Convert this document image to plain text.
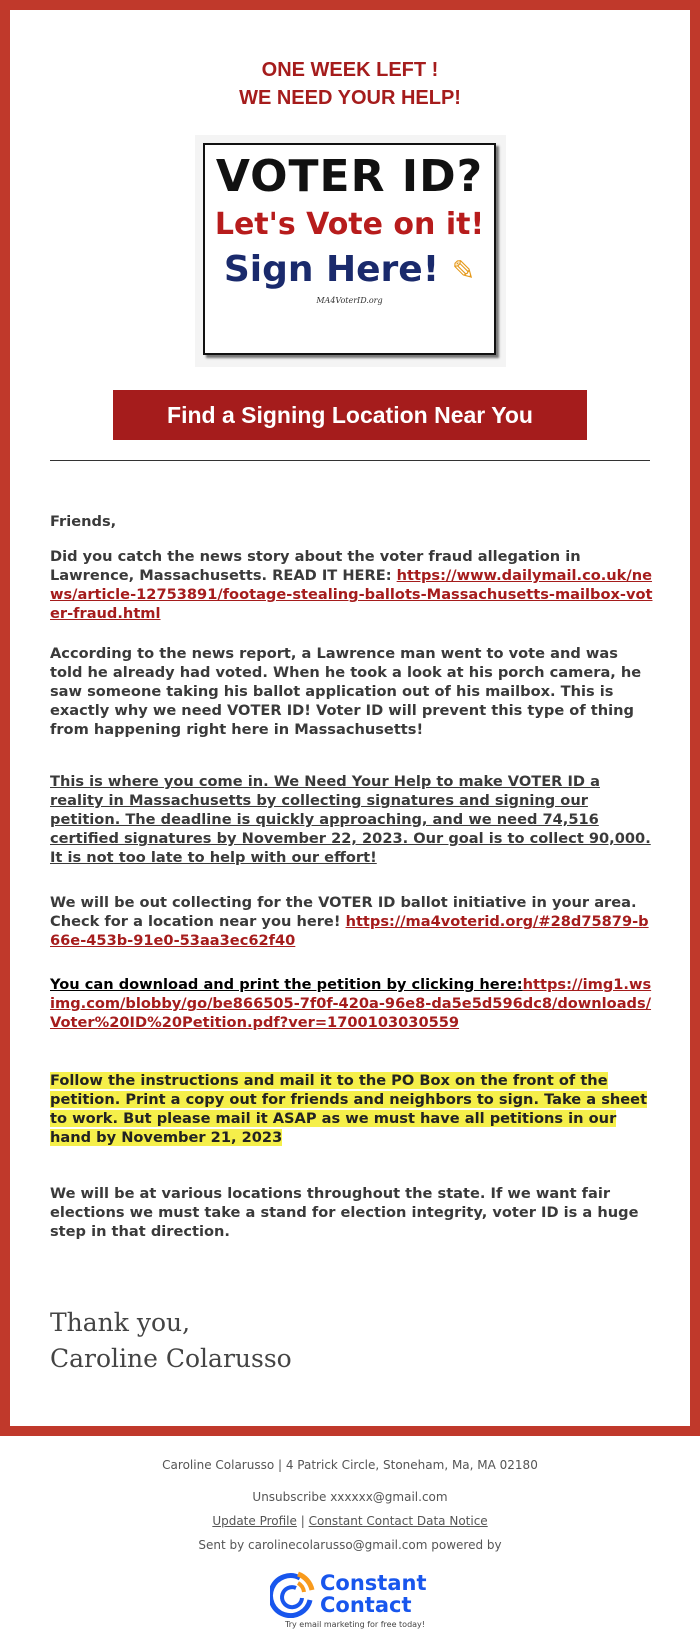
ONE WEEK LEFT !
WE NEED YOUR HELP!
VOTER ID?
Let's Vote on it!
Sign Here! ✎
MA4VoterID.org
Find a Signing Location Near You
Friends,
Did you catch the news story about the voter fraud allegation in Lawrence, Massachusetts. READ IT HERE: https://www.dailymail.co.uk/news/article-12753891/footage-stealing-ballots-Massachusetts-mailbox-voter-fraud.html
According to the news report, a Lawrence man went to vote and was told he already had voted. When he took a look at his porch camera, he saw someone taking his ballot application out of his mailbox. This is exactly why we need VOTER ID! Voter ID will prevent this type of thing from happening right here in Massachusetts!
This is where you come in. We Need Your Help to make VOTER ID a reality in Massachusetts by collecting signatures and signing our petition. The deadline is quickly approaching, and we need 74,516 certified signatures by November 22, 2023. Our goal is to collect 90,000. It is not too late to help with our effort!
We will be out collecting for the VOTER ID ballot initiative in your area. Check for a location near you here! https://ma4voterid.org/#28d75879-b66e-453b-91e0-53aa3ec62f40
You can download and print the petition by clicking here:https://img1.wsimg.com/blobby/go/be866505-7f0f-420a-96e8-da5e5d596dc8/downloads/Voter%20ID%20Petition.pdf?ver=1700103030559
Follow the instructions and mail it to the PO Box on the front of the petition. Print a copy out for friends and neighbors to sign. Take a sheet to work. But please mail it ASAP as we must have all petitions in our hand by November 21, 2023
We will be at various locations throughout the state. If we want fair elections we must take a stand for election integrity, voter ID is a huge step in that direction.
Thank you,
Caroline Colarusso
Caroline Colarusso | 4 Patrick Circle, Stoneham, Ma, MA 02180
Unsubscribe xxxxxx@gmail.com
Update Profile | Constant Contact Data Notice
Sent by carolinecolarusso@gmail.com powered by
Constant
Contact
Try email marketing for free today!
